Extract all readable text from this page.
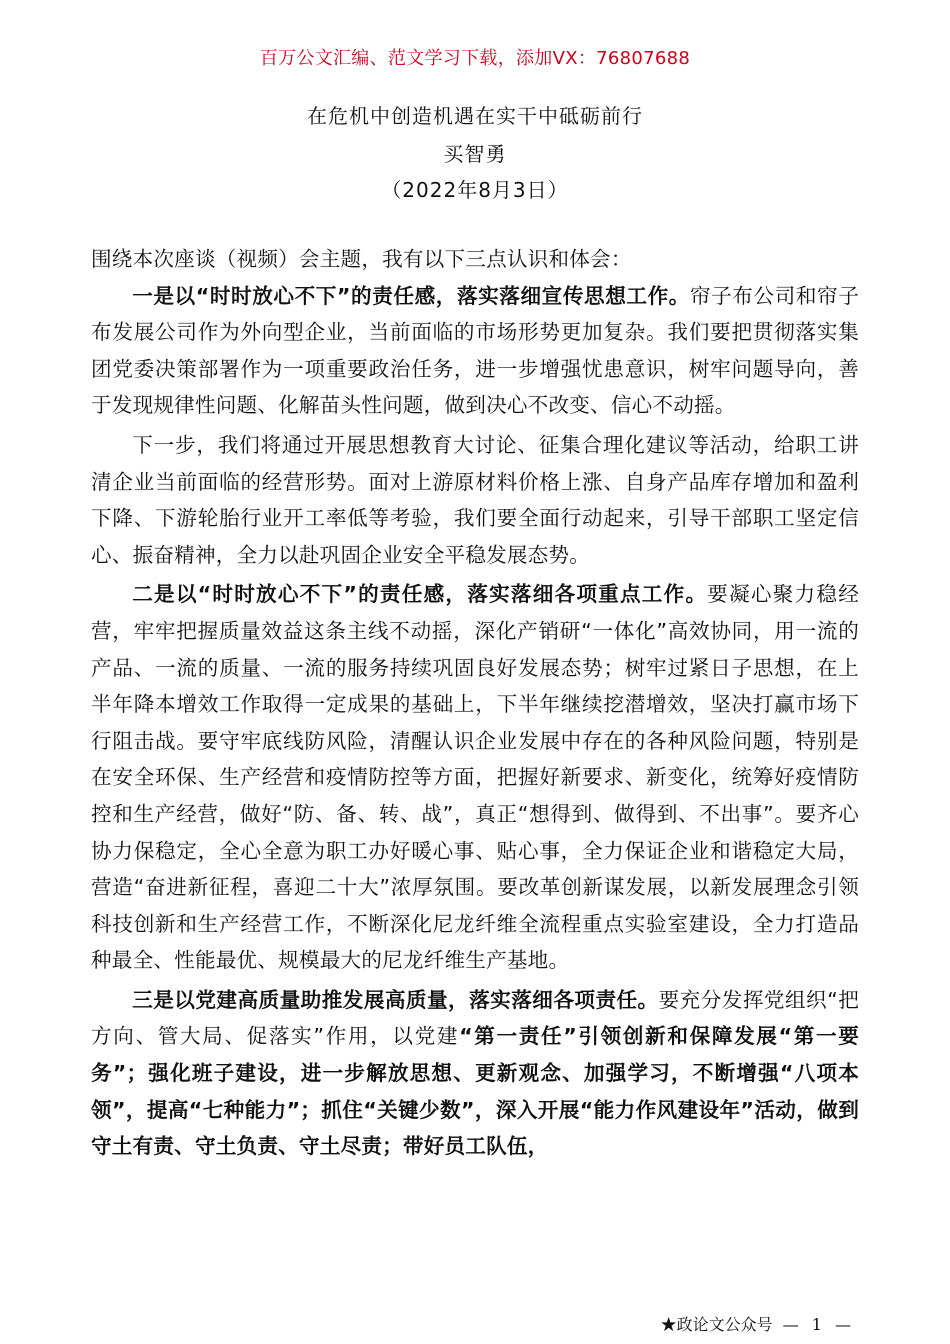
百万公文汇编、范文学习下载，添加VX：76807688
在危机中创造机遇在实干中砥砺前行
买智勇
（2022年8月3日）

围绕本次座谈（视频）会主题，我有以下三点认识和体会：

一是以“时时放心不下”的责任感，落实落细宣传思想工作。帘子布公司和帘子布发展公司作为外向型企业，当前面临的市场形势更加复杂。我们要把贯彻落实集团党委决策部署作为一项重要政治任务，进一步增强忧患意识，树牢问题导向，善于发现规律性问题、化解苗头性问题，做到决心不改变、信心不动摇。

下一步，我们将通过开展思想教育大讨论、征集合理化建议等活动，给职工讲清企业当前面临的经营形势。面对上游原材料价格上涨、自身产品库存增加和盈利下降、下游轮胎行业开工率低等考验，我们要全面行动起来，引导干部职工坚定信心、振奋精神，全力以赴巩固企业安全平稳发展态势。

二是以“时时放心不下”的责任感，落实落细各项重点工作。要凝心聚力稳经营，牢牢把握质量效益这条主线不动摇，深化产销研“一体化”高效协同，用一流的产品、一流的质量、一流的服务持续巩固良好发展态势；树牢过紧日子思想，在上半年降本增效工作取得一定成果的基础上，下半年继续挖潜增效，坚决打赢市场下行阻击战。要守牢底线防风险，清醒认识企业发展中存在的各种风险问题，特别是在安全环保、生产经营和疫情防控等方面，把握好新要求、新变化，统筹好疫情防控和生产经营，做好“防、备、转、战”，真正“想得到、做得到、不出事”。要齐心协力保稳定，全心全意为职工办好暖心事、贴心事，全力保证企业和谐稳定大局，营造“奋进新征程，喜迎二十大”浓厚氛围。要改革创新谋发展，以新发展理念引领科技创新和生产经营工作，不断深化尼龙纤维全流程重点实验室建设，全力打造品种最全、性能最优、规模最大的尼龙纤维生产基地。

三是以党建高质量助推发展高质量，落实落细各项责任。要充分发挥党组织“把方向、管大局、促落实”作用，以党建“第一责任”引领创新和保障发展“第一要务”；强化班子建设，进一步解放思想、更新观念、加强学习，不断增强“八项本领”，提高“七种能力”；抓住“关键少数”，深入开展“能力作风建设年”活动，做到守土有责、守土负责、守土尽责；带好员工队伍，

★政论文公众号 — 1 —
